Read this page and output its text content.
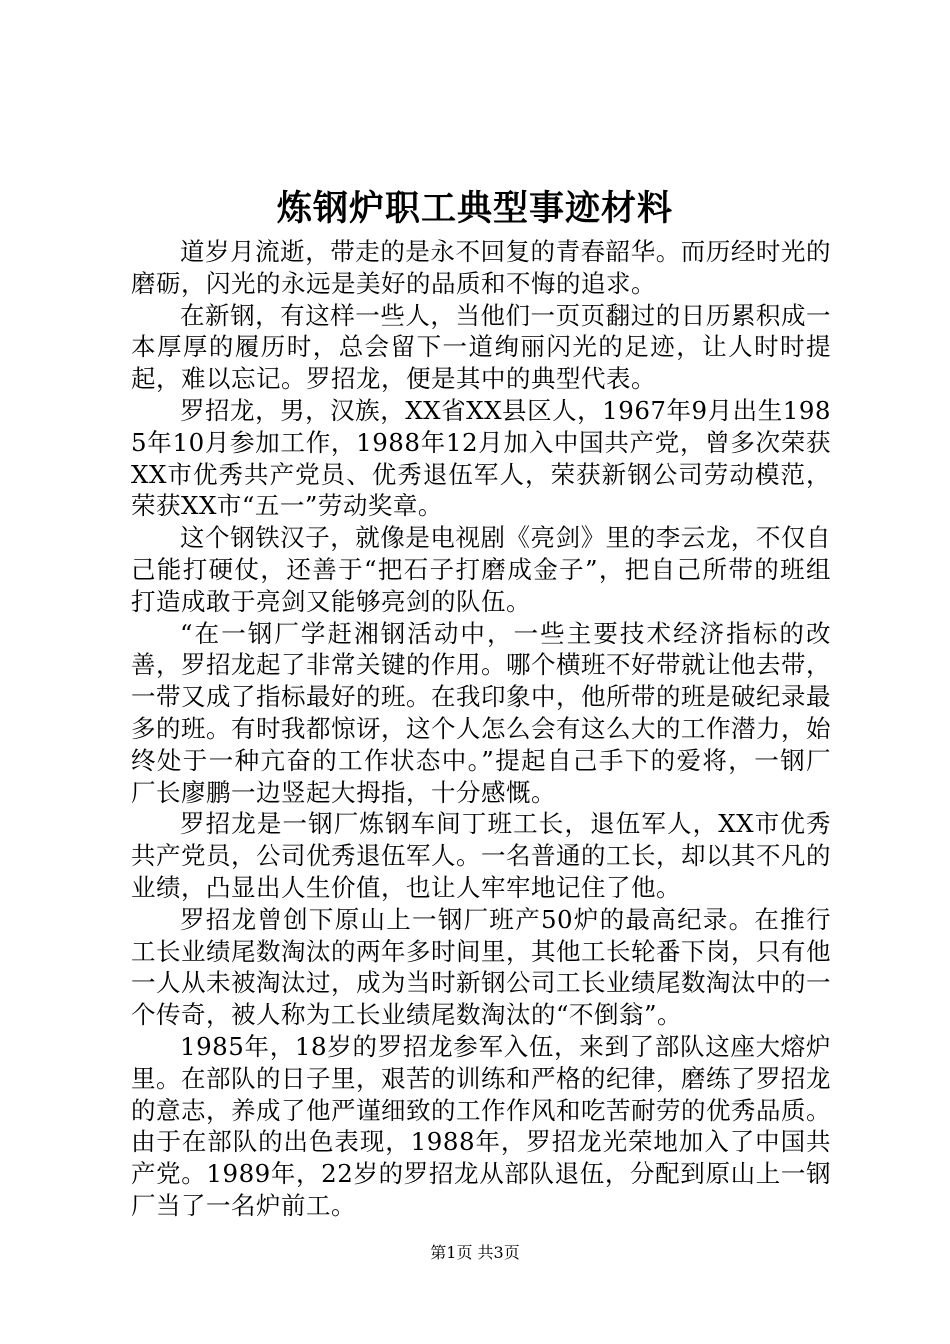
炼钢炉职工典型事迹材料

道岁月流逝，带走的是永不回复的青春韶华。而历经时光的磨砺，闪光的永远是美好的品质和不悔的追求。

在新钢，有这样一些人，当他们一页页翻过的日历累积成一本厚厚的履历时，总会留下一道绚丽闪光的足迹，让人时时提起，难以忘记。罗招龙，便是其中的典型代表。

罗招龙，男，汉族，XX省XX县区人，1967年9月出生1985年10月参加工作，1988年12月加入中国共产党，曾多次荣获XX市优秀共产党员、优秀退伍军人，荣获新钢公司劳动模范，荣获XX市“五一”劳动奖章。

这个钢铁汉子，就像是电视剧《亮剑》里的李云龙，不仅自己能打硬仗，还善于“把石子打磨成金子”，把自己所带的班组打造成敢于亮剑又能够亮剑的队伍。

“在一钢厂学赶湘钢活动中，一些主要技术经济指标的改善，罗招龙起了非常关键的作用。哪个横班不好带就让他去带，一带又成了指标最好的班。在我印象中，他所带的班是破纪录最多的班。有时我都惊讶，这个人怎么会有这么大的工作潜力，始终处于一种亢奋的工作状态中。”提起自己手下的爱将，一钢厂厂长廖鹏一边竖起大拇指，十分感慨。

罗招龙是一钢厂炼钢车间丁班工长，退伍军人，XX市优秀共产党员，公司优秀退伍军人。一名普通的工长，却以其不凡的业绩，凸显出人生价值，也让人牢牢地记住了他。

罗招龙曾创下原山上一钢厂班产50炉的最高纪录。在推行工长业绩尾数淘汰的两年多时间里，其他工长轮番下岗，只有他一人从未被淘汰过，成为当时新钢公司工长业绩尾数淘汰中的一个传奇，被人称为工长业绩尾数淘汰的“不倒翁”。

1985年，18岁的罗招龙参军入伍，来到了部队这座大熔炉里。在部队的日子里，艰苦的训练和严格的纪律，磨练了罗招龙的意志，养成了他严谨细致的工作作风和吃苦耐劳的优秀品质。由于在部队的出色表现，1988年，罗招龙光荣地加入了中国共产党。1989年，22岁的罗招龙从部队退伍，分配到原山上一钢厂当了一名炉前工。

第1页 共3页
